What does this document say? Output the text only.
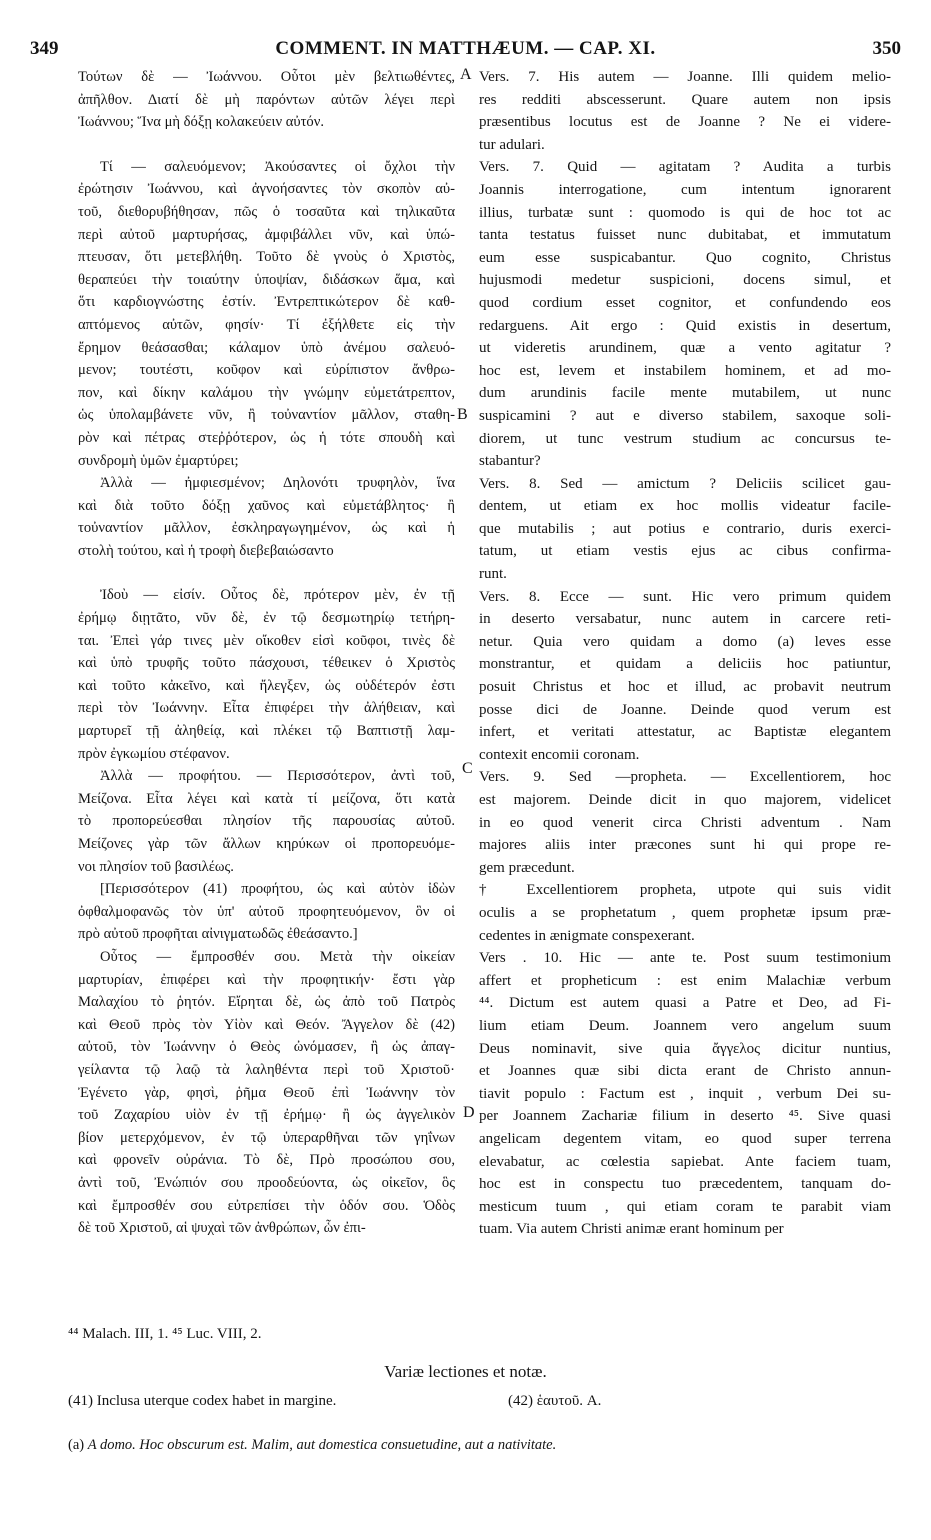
349	COMMENT. IN MATTHÆUM. — CAP. XI.	350
A
B
C
D
Τούτων δὲ — Ἰωάννου. Οὗτοι μὲν βελτιωθέντες,
ἀπῆλθον. Διατί δὲ μὴ παρόντων αὐτῶν λέγει περὶ
Ἰωάννου; Ἵνα μὴ δόξῃ κολακεύειν αὐτόν.
Τί — σαλευόμενον; Ἀκούσαντες οἱ ὄχλοι τὴν
ἐρώτησιν Ἰωάννου, καὶ ἀγνοήσαντες τὸν σκοπὸν αὐ-
τοῦ, διεθορυβήθησαν, πῶς ὁ τοσαῦτα καὶ τηλικαῦτα
περὶ αὐτοῦ μαρτυρήσας, ἀμφιβάλλει νῦν, καὶ ὑπώ-
πτευσαν, ὅτι μετεβλήθη. Τοῦτο δὲ γνοὺς ὁ Χριστὸς,
θεραπεύει τὴν τοιαύτην ὑποψίαν, διδάσκων ἅμα, καὶ
ὅτι καρδιογνώστης ἐστίν. Ἐντρεπτικώτερον δὲ καθ-
απτόμενος αὐτῶν, φησίν· Τί ἐξήλθετε εἰς τὴν
ἔρημον θεάσασθαι; κάλαμον ὑπὸ ἀνέμου σαλευό-
μενον; τουτέστι, κοῦφον καὶ εὐρίπιστον ἄνθρω-
πον, καὶ δίκην καλάμου τὴν γνώμην εὐμετάτρεπτον,
ὡς ὑπολαμβάνετε νῦν, ἢ τοὐναντίον μᾶλλον, σταθη-
ρὸν καὶ πέτρας στεῤῥότερον, ὡς ἡ τότε σπουδὴ καὶ
συνδρομὴ ὑμῶν ἐμαρτύρει;
Ἀλλὰ — ἠμφιεσμένον; Δηλονότι τρυφηλὸν, ἵνα
καὶ διὰ τοῦτο δόξῃ χαῦνος καὶ εὐμετάβλητος· ἢ
τοὐναντίον μᾶλλον, ἐσκληραγωγημένον, ὡς καὶ ἡ
στολὴ τούτου, καὶ ἡ τροφὴ διεβεβαιώσαντο
Ἰδοὺ — εἰσίν. Οὗτος δὲ, πρότερον μὲν, ἐν τῇ
ἐρήμῳ διῃτᾶτο, νῦν δὲ, ἐν τῷ δεσμωτηρίῳ τετήρη-
ται. Ἐπεὶ γάρ τινες μὲν οἴκοθεν εἰσὶ κοῦφοι, τινὲς δὲ
καὶ ὑπὸ τρυφῆς τοῦτο πάσχουσι, τέθεικεν ὁ Χριστὸς
καὶ τοῦτο κἀκεῖνο, καὶ ἤλεγξεν, ὡς οὐδέτερόν ἐστι
περὶ τὸν Ἰωάννην. Εἶτα ἐπιφέρει τὴν ἀλήθειαν, καὶ
μαρτυρεῖ τῇ ἀληθείᾳ, καὶ πλέκει τῷ Βαπτιστῇ λαμ-
πρὸν ἐγκωμίου στέφανον.
Ἀλλὰ — προφήτου. — Περισσότερον, ἀντὶ τοῦ,
Μείζονα. Εἶτα λέγει καὶ κατὰ τί μείζονα, ὅτι κατὰ
τὸ προπορεύεσθαι πλησίον τῆς παρουσίας αὐτοῦ.
Μείζονες γὰρ τῶν ἄλλων κηρύκων οἱ προπορευόμε-
νοι πλησίον τοῦ βασιλέως.
[Περισσότερον (41) προφήτου, ὡς καὶ αὐτὸν ἰδὼν
ὀφθαλμοφανῶς τὸν ὑπ' αὐτοῦ προφητευόμενον, ὃν οἱ
πρὸ αὐτοῦ προφῆται αἰνιγματωδῶς ἐθεάσαντο.]
Οὗτος — ἔμπροσθέν σου. Μετὰ τὴν οἰκείαν
μαρτυρίαν, ἐπιφέρει καὶ τὴν προφητικήν· ἔστι γὰρ
Μαλαχίου τὸ ῥητόν. Εἴρηται δὲ, ὡς ἀπὸ τοῦ Πατρὸς
καὶ Θεοῦ πρὸς τὸν Υἱὸν καὶ Θεόν. Ἄγγελον δὲ (42)
αὐτοῦ, τὸν Ἰωάννην ὁ Θεὸς ὠνόμασεν, ἢ ὡς ἀπαγ-
γείλαντα τῷ λαῷ τὰ λαληθέντα περὶ τοῦ Χριστοῦ·
Ἐγένετο γὰρ, φησὶ, ῥῆμα Θεοῦ ἐπὶ Ἰωάννην τὸν
τοῦ Ζαχαρίου υἱὸν ἐν τῇ ἐρήμῳ· ἢ ὡς ἀγγελικὸν
βίον μετερχόμενον, ἐν τῷ ὑπεραρθῆναι τῶν γηΐνων
καὶ φρονεῖν οὐράνια. Τὸ δὲ, Πρὸ προσώπου σου,
ἀντὶ τοῦ, Ἐνώπιόν σου προοδεύοντα, ὡς οἰκεῖον, ὃς
καὶ ἔμπροσθέν σου εὐτρεπίσει τὴν ὁδόν σου. Ὁδὸς
δὲ τοῦ Χριστοῦ, αἱ ψυχαὶ τῶν ἀνθρώπων, ὧν ἐπι-
Vers. 7. His autem — Joanne. Illi quidem melio-
res redditi abscesserunt. Quare autem non ipsis
præsentibus locutus est de Joanne ? Ne ei videre-
tur adulari.
Vers. 7. Quid — agitatam ? Audita a turbis
Joannis interrogatione, cum intentum ignorarent
illius, turbatæ sunt : quomodo is qui de hoc tot ac
tanta testatus fuisset nunc dubitabat, et immutatum
eum esse suspicabantur. Quo cognito, Christus
hujusmodi medetur suspicioni, docens simul, et
quod cordium esset cognitor, et confundendo eos
redarguens. Ait ergo : Quid existis in desertum,
ut videretis arundinem, quæ a vento agitatur ?
hoc est, levem et instabilem hominem, et ad mo-
dum arundinis facile mente mutabilem, ut nunc
suspicamini ? aut e diverso stabilem, saxoque soli-
diorem, ut tunc vestrum studium ac concursus te-
stabantur?
Vers. 8. Sed — amictum ? Deliciis scilicet gau-
dentem, ut etiam ex hoc mollis videatur facile-
que mutabilis ; aut potius e contrario, duris exerci-
tatum, ut etiam vestis ejus ac cibus confirma-
runt.
Vers. 8. Ecce — sunt. Hic vero primum quidem
in deserto versabatur, nunc autem in carcere reti-
netur. Quia vero quidam a domo (a) leves esse
monstrantur, et quidam a deliciis hoc patiuntur,
posuit Christus et hoc et illud, ac probavit neutrum
posse dici de Joanne. Deinde quod verum est
infert, et veritati attestatur, ac Baptistæ elegantem
contexit encomii coronam.
Vers. 9. Sed —propheta. — Excellentiorem, hoc
est majorem. Deinde dicit in quo majorem, videlicet
in eo quod venerit circa Christi adventum . Nam
majores aliis inter præcones sunt hi qui prope re-
gem præcedunt.
† Excellentiorem propheta, utpote qui suis vidit
oculis a se prophetatum , quem prophetæ ipsum præ-
cedentes in ænigmate conspexerant.
Vers . 10. Hic — ante te. Post suum testimonium
affert et propheticum : est enim Malachiæ verbum
⁴⁴. Dictum est autem quasi a Patre et Deo, ad Fi-
lium etiam Deum. Joannem vero angelum suum
Deus nominavit, sive quia ἄγγελος dicitur nuntius,
et Joannes quæ sibi dicta erant de Christo annun-
tiavit populo : Factum est , inquit , verbum Dei su-
per Joannem Zachariæ filium in deserto ⁴⁵. Sive quasi
angelicam degentem vitam, eo quod super terrena
elevabatur, ac cœlestia sapiebat. Ante faciem tuam,
hoc est in conspectu tuo præcedentem, tanquam do-
mesticum tuum , qui etiam coram te parabit viam
tuam. Via autem Christi animæ erant hominum per
⁴⁴ Malach. III, 1. ⁴⁵ Luc. VIII, 2.
Variæ lectiones et notæ.
(41) Inclusa uterque codex habet in margine.	(42) ἑαυτοῦ. A.
(a) A domo. Hoc obscurum est. Malim, aut domestica consuetudine, aut a nativitate.
